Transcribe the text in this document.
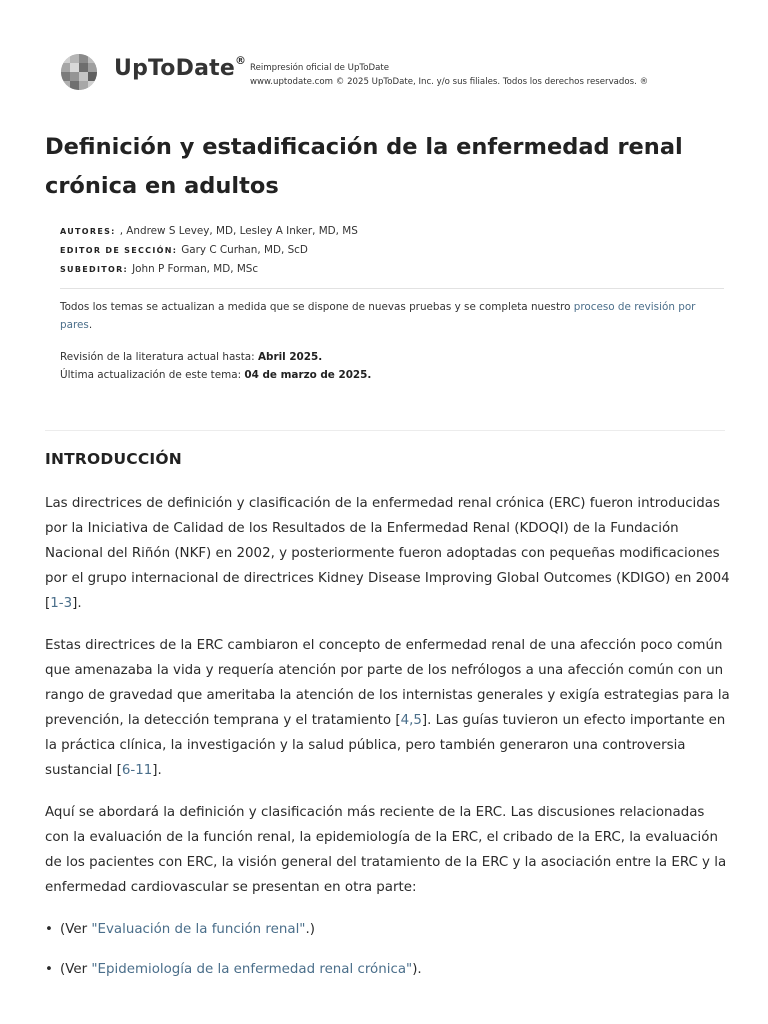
UpToDate®
Reimpresión oficial de UpToDate
www.uptodate.com © 2025 UpToDate, Inc. y/o sus filiales. Todos los derechos reservados. ®
Definición y estadificación de la enfermedad renal crónica en adultos
AUTORES: , Andrew S Levey, MD, Lesley A Inker, MD, MS
EDITOR DE SECCIÓN: Gary C Curhan, MD, ScD
SUBEDITOR: John P Forman, MD, MSc

Todos los temas se actualizan a medida que se dispone de nuevas pruebas y se completa nuestro proceso de revisión por pares.

Revisión de la literatura actual hasta: Abril 2025.
Última actualización de este tema: 04 de marzo de 2025.
INTRODUCCIÓN

Las directrices de definición y clasificación de la enfermedad renal crónica (ERC) fueron introducidas por la Iniciativa de Calidad de los Resultados de la Enfermedad Renal (KDOQI) de la Fundación Nacional del Riñón (NKF) en 2002, y posteriormente fueron adoptadas con pequeñas modificaciones por el grupo internacional de directrices Kidney Disease Improving Global Outcomes (KDIGO) en 2004 [1-3].

Estas directrices de la ERC cambiaron el concepto de enfermedad renal de una afección poco común que amenazaba la vida y requería atención por parte de los nefrólogos a una afección común con un rango de gravedad que ameritaba la atención de los internistas generales y exigía estrategias para la prevención, la detección temprana y el tratamiento [4,5]. Las guías tuvieron un efecto importante en la práctica clínica, la investigación y la salud pública, pero también generaron una controversia sustancial [6-11].

Aquí se abordará la definición y clasificación más reciente de la ERC. Las discusiones relacionadas con la evaluación de la función renal, la epidemiología de la ERC, el cribado de la ERC, la evaluación de los pacientes con ERC, la visión general del tratamiento de la ERC y la asociación entre la ERC y la enfermedad cardiovascular se presentan en otra parte:

• (Ver "Evaluación de la función renal".)
• (Ver "Epidemiología de la enfermedad renal crónica").
